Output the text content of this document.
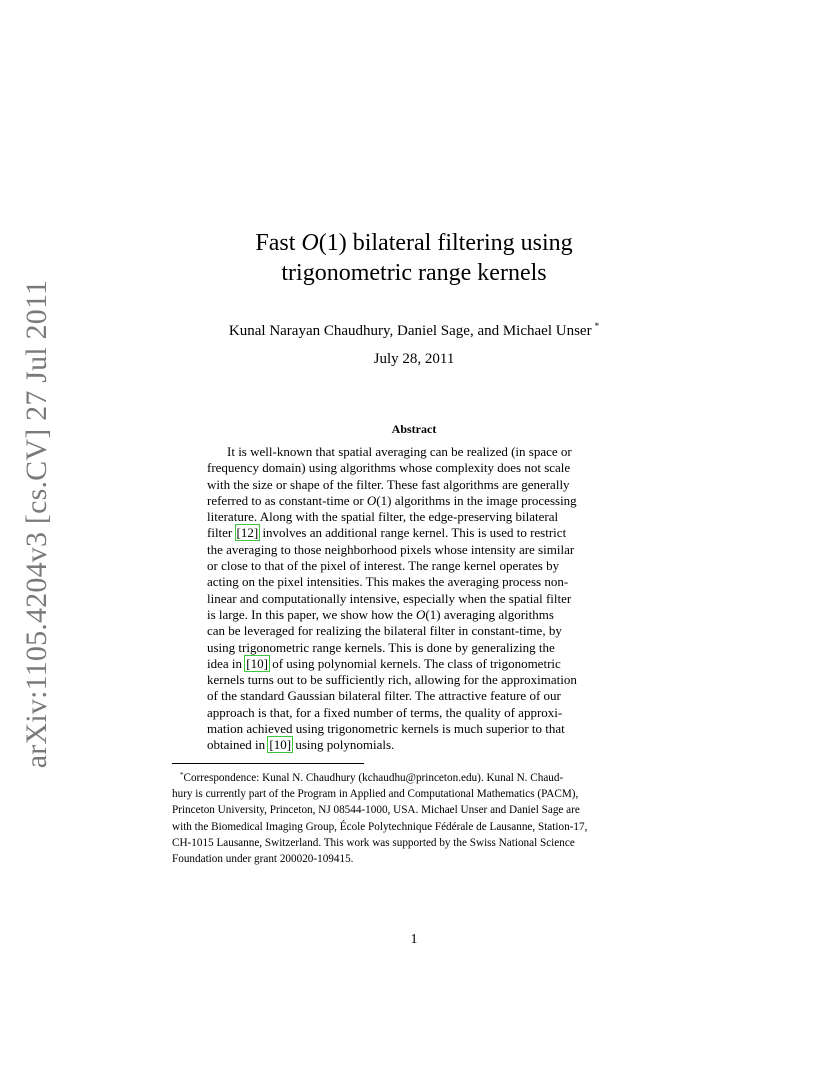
arXiv:1105.4204v3 [cs.CV] 27 Jul 2011
Fast O(1) bilateral filtering using
trigonometric range kernels
Kunal Narayan Chaudhury, Daniel Sage, and Michael Unser *
July 28, 2011
Abstract
It is well-known that spatial averaging can be realized (in space or
frequency domain) using algorithms whose complexity does not scale
with the size or shape of the filter. These fast algorithms are generally
referred to as constant-time or O(1) algorithms in the image processing
literature. Along with the spatial filter, the edge-preserving bilateral
filter [12] involves an additional range kernel. This is used to restrict
the averaging to those neighborhood pixels whose intensity are similar
or close to that of the pixel of interest. The range kernel operates by
acting on the pixel intensities. This makes the averaging process non-
linear and computationally intensive, especially when the spatial filter
is large. In this paper, we show how the O(1) averaging algorithms
can be leveraged for realizing the bilateral filter in constant-time, by
using trigonometric range kernels. This is done by generalizing the
idea in [10] of using polynomial kernels. The class of trigonometric
kernels turns out to be sufficiently rich, allowing for the approximation
of the standard Gaussian bilateral filter. The attractive feature of our
approach is that, for a fixed number of terms, the quality of approxi-
mation achieved using trigonometric kernels is much superior to that
obtained in [10] using polynomials.
*Correspondence: Kunal N. Chaudhury (kchaudhu@princeton.edu). Kunal N. Chaud-
hury is currently part of the Program in Applied and Computational Mathematics (PACM),
Princeton University, Princeton, NJ 08544-1000, USA. Michael Unser and Daniel Sage are
with the Biomedical Imaging Group, École Polytechnique Fédérale de Lausanne, Station-17,
CH-1015 Lausanne, Switzerland. This work was supported by the Swiss National Science
Foundation under grant 200020-109415.
1
